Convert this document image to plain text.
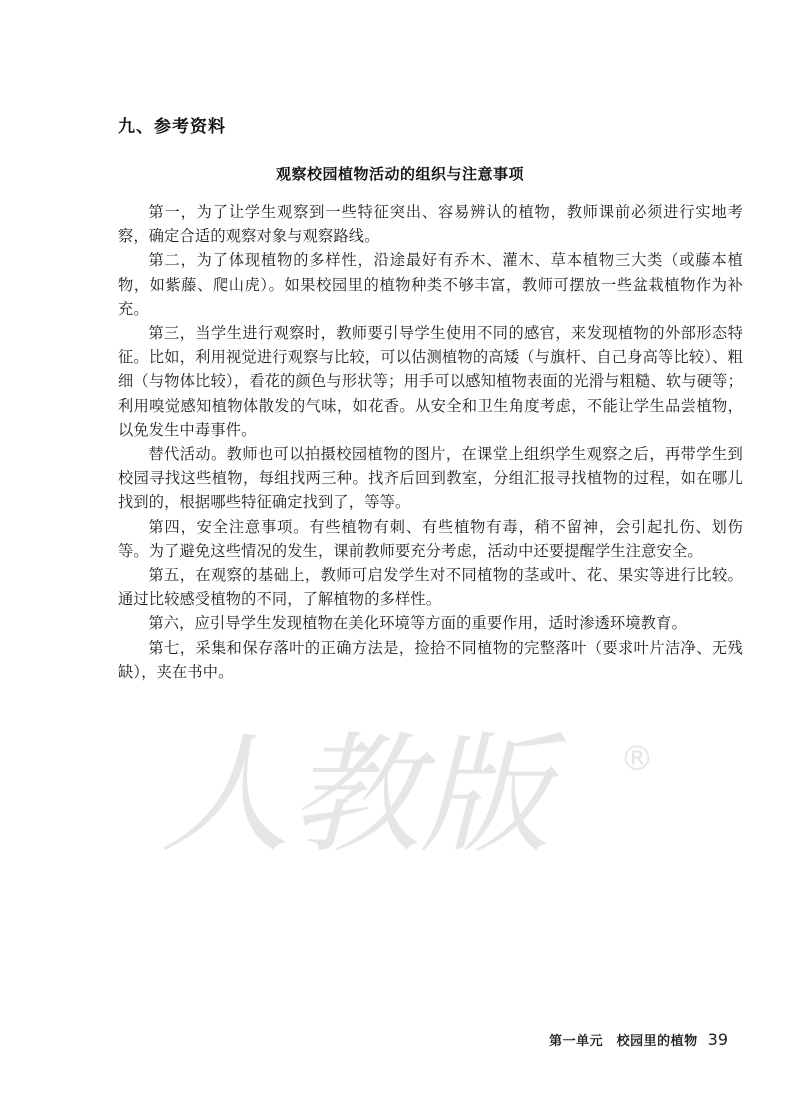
人教版	®
九、参考资料
观察校园植物活动的组织与注意事项

第一，为了让学生观察到一些特征突出、容易辨认的植物，教师课前必须进行实地考察，确定合适的观察对象与观察路线。

第二，为了体现植物的多样性，沿途最好有乔木、灌木、草本植物三大类（或藤本植物，如紫藤、爬山虎）。如果校园里的植物种类不够丰富，教师可摆放一些盆栽植物作为补充。

第三，当学生进行观察时，教师要引导学生使用不同的感官，来发现植物的外部形态特征。比如，利用视觉进行观察与比较，可以估测植物的高矮（与旗杆、自己身高等比较）、粗细（与物体比较），看花的颜色与形状等；用手可以感知植物表面的光滑与粗糙、软与硬等；利用嗅觉感知植物体散发的气味，如花香。从安全和卫生角度考虑，不能让学生品尝植物，以免发生中毒事件。

替代活动。教师也可以拍摄校园植物的图片，在课堂上组织学生观察之后，再带学生到校园寻找这些植物，每组找两三种。找齐后回到教室，分组汇报寻找植物的过程，如在哪儿找到的，根据哪些特征确定找到了，等等。

第四，安全注意事项。有些植物有刺、有些植物有毒，稍不留神，会引起扎伤、划伤等。为了避免这些情况的发生，课前教师要充分考虑，活动中还要提醒学生注意安全。

第五，在观察的基础上，教师可启发学生对不同植物的茎或叶、花、果实等进行比较。通过比较感受植物的不同，了解植物的多样性。

第六，应引导学生发现植物在美化环境等方面的重要作用，适时渗透环境教育。

第七，采集和保存落叶的正确方法是，捡拾不同植物的完整落叶（要求叶片洁净、无残缺），夹在书中。

第一单元　校园里的植物 39
